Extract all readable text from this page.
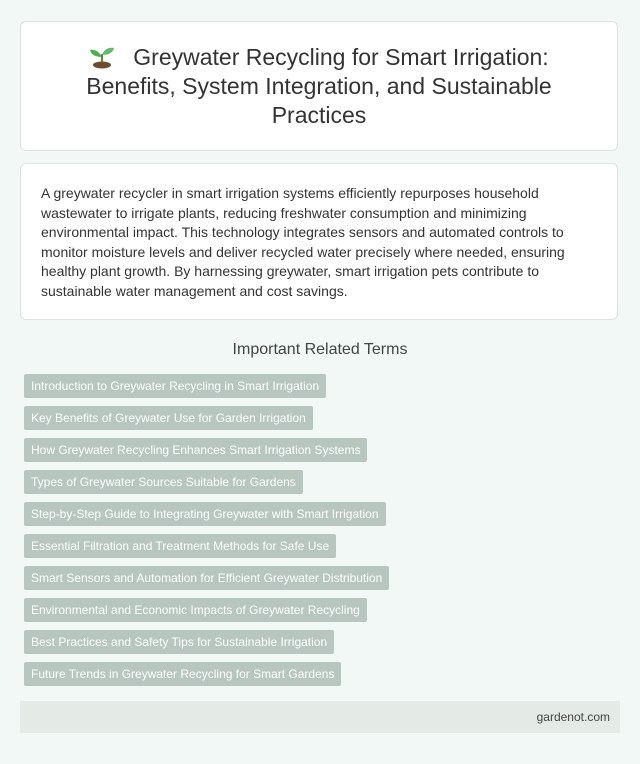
Greywater Recycling for Smart Irrigation: Benefits, System Integration, and Sustainable Practices

A greywater recycler in smart irrigation systems efficiently repurposes household wastewater to irrigate plants, reducing freshwater consumption and minimizing environmental impact. This technology integrates sensors and automated controls to monitor moisture levels and deliver recycled water precisely where needed, ensuring healthy plant growth. By harnessing greywater, smart irrigation pets contribute to sustainable water management and cost savings.

Important Related Terms
Introduction to Greywater Recycling in Smart Irrigation
Key Benefits of Greywater Use for Garden Irrigation
How Greywater Recycling Enhances Smart Irrigation Systems
Types of Greywater Sources Suitable for Gardens
Step-by-Step Guide to Integrating Greywater with Smart Irrigation
Essential Filtration and Treatment Methods for Safe Use
Smart Sensors and Automation for Efficient Greywater Distribution
Environmental and Economic Impacts of Greywater Recycling
Best Practices and Safety Tips for Sustainable Irrigation
Future Trends in Greywater Recycling for Smart Gardens
gardenot.com
